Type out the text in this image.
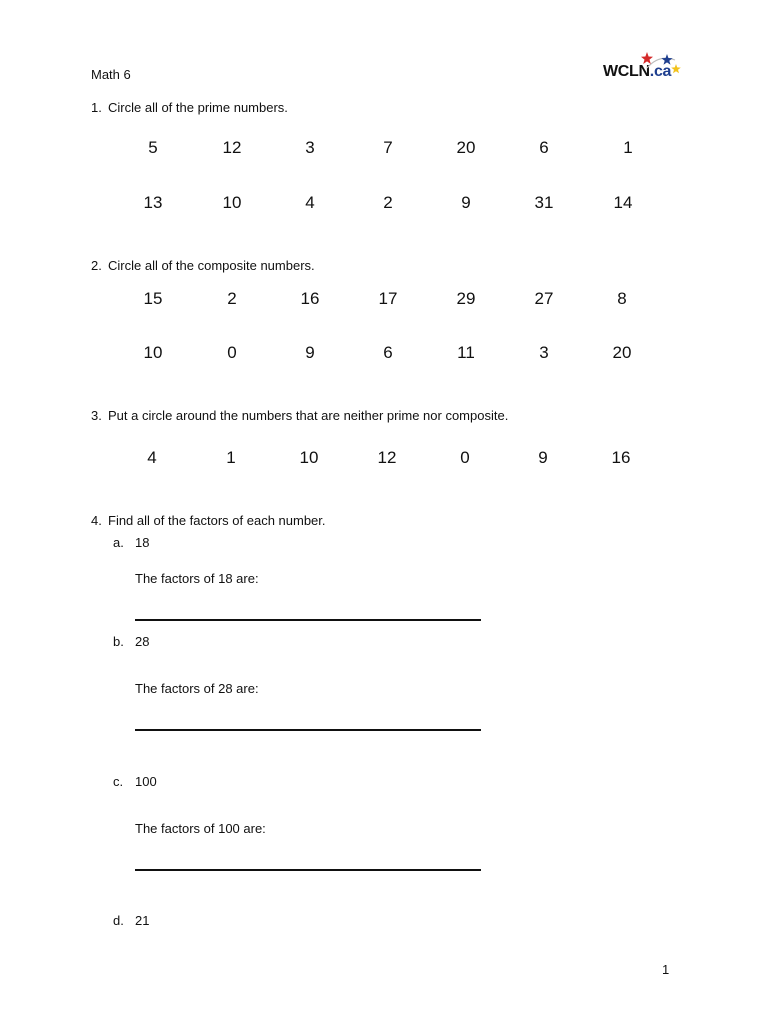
Math 6	WCLN.ca
1. Circle all of the prime numbers.
5	12	3	7	20	6	1
13	10	4	2	9	31	14
2. Circle all of the composite numbers.
15	2	16	17	29	27	8
10	0	9	6	11	3	20
3. Put a circle around the numbers that are neither prime nor composite.
4	1	10	12	0	9	16
4. Find all of the factors of each number.
a. 18
The factors of 18 are:
b. 28
The factors of 28 are:
c. 100
The factors of 100 are:
d. 21
1
